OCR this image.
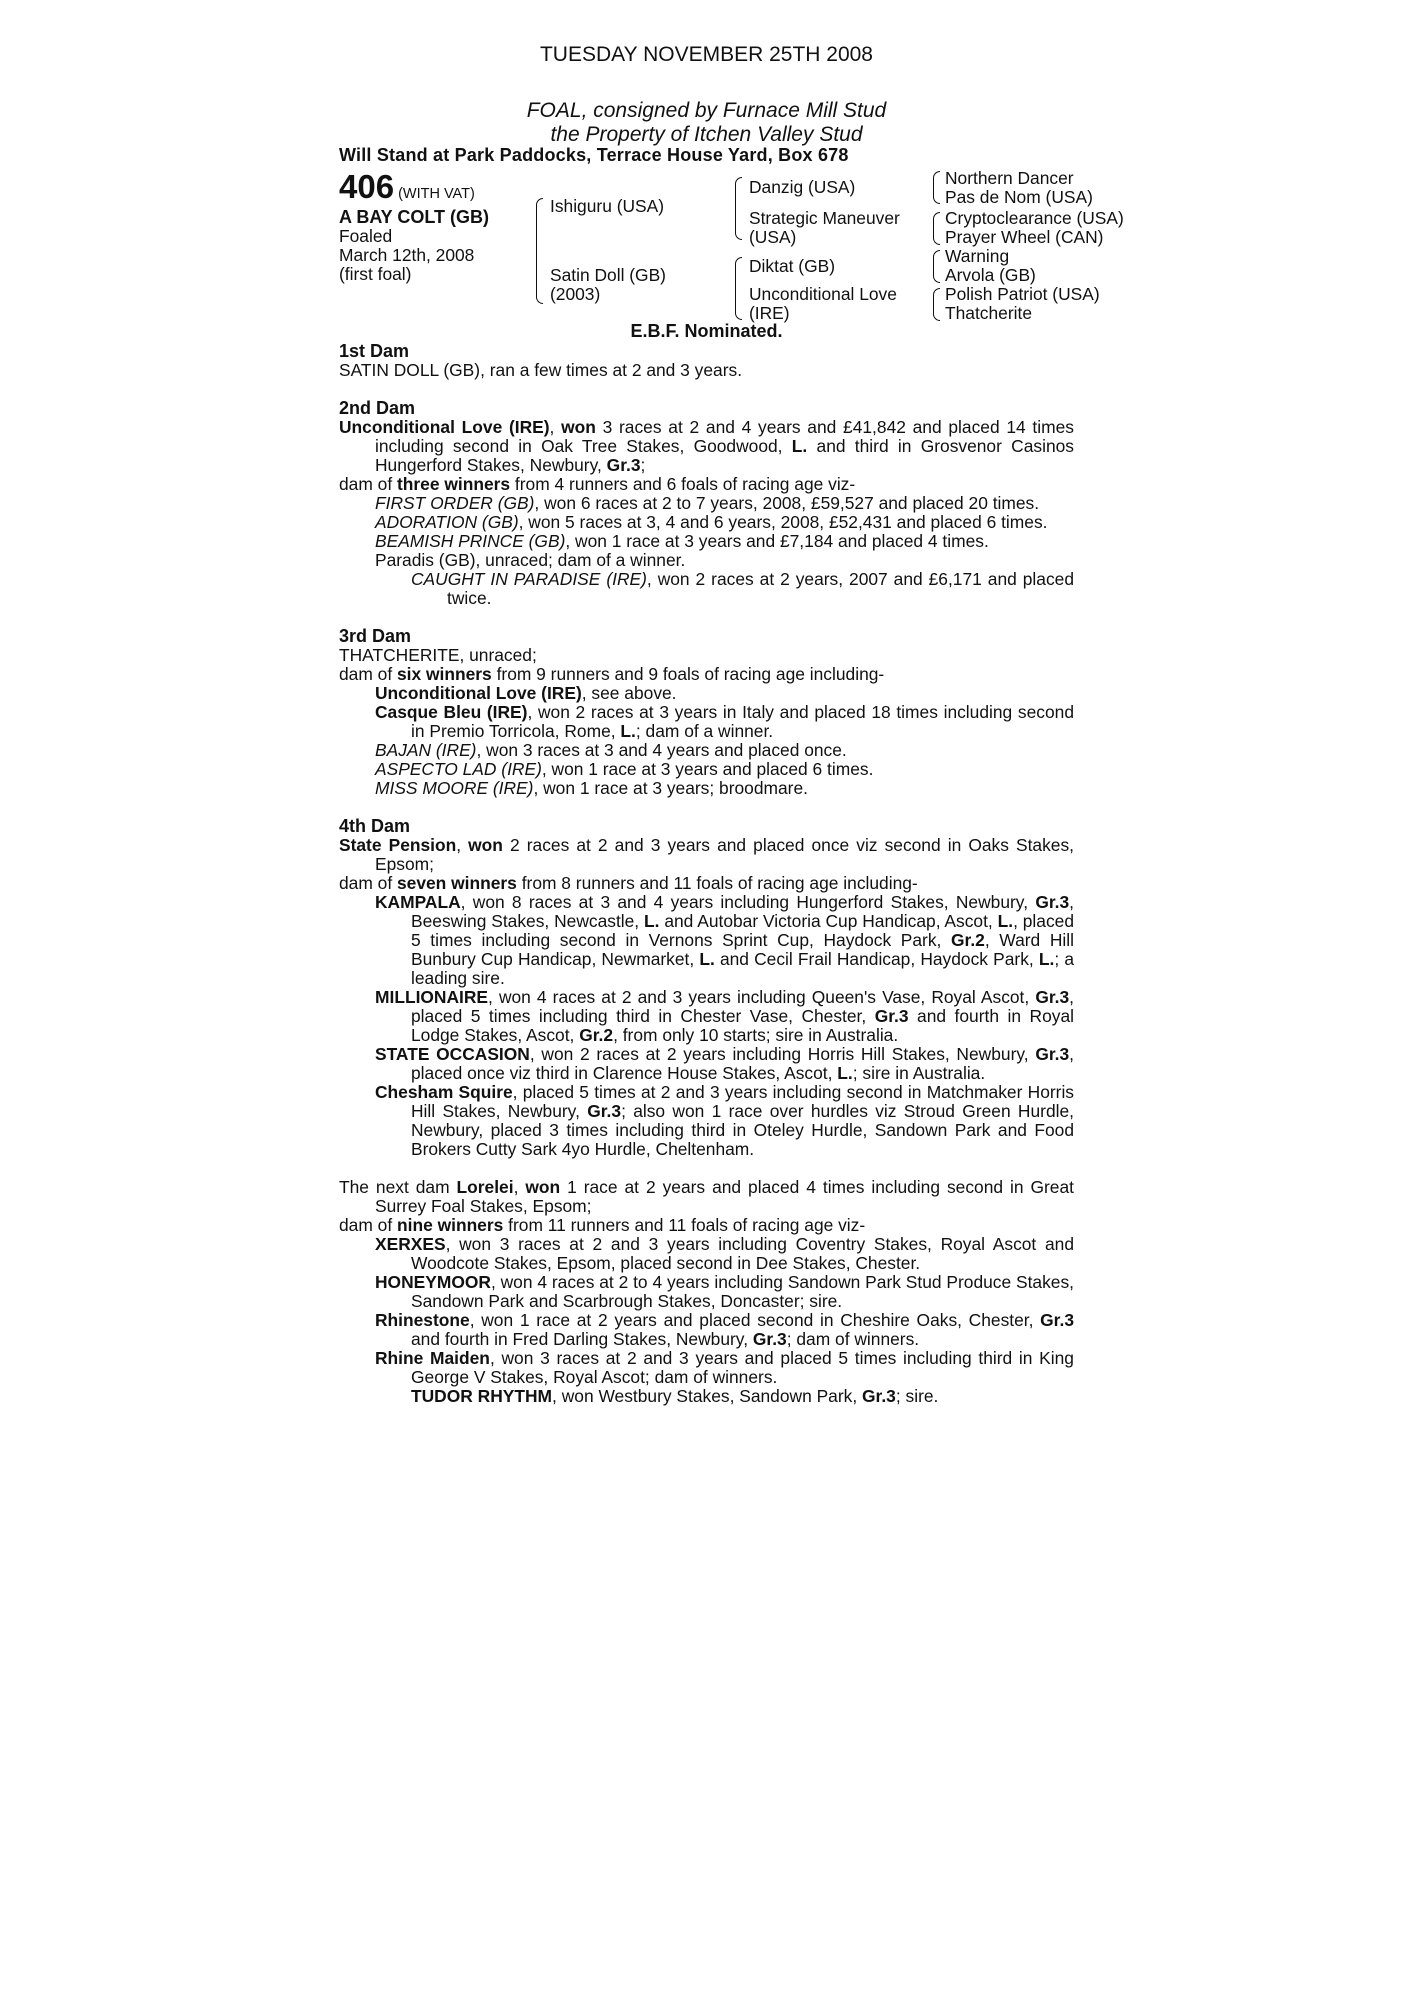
TUESDAY NOVEMBER 25TH 2008
FOAL, consigned by Furnace Mill Stud
the Property of Itchen Valley Stud
Will Stand at Park Paddocks, Terrace House Yard, Box 678
406 (WITH VAT)
A BAY COLT (GB)
Foaled
March 12th, 2008
(first foal)
Ishiguru (USA)
Satin Doll (GB)
(2003)
Danzig (USA)
Strategic Maneuver
(USA)
Diktat (GB)
Unconditional Love
(IRE)
Northern Dancer
Pas de Nom (USA)
Cryptoclearance (USA)
Prayer Wheel (CAN)
Warning
Arvola (GB)
Polish Patriot (USA)
Thatcherite
E.B.F. Nominated.
1st Dam
SATIN DOLL (GB), ran a few times at 2 and 3 years.
2nd Dam
Unconditional Love (IRE), won 3 races at 2 and 4 years and £41,842 and placed 14 times including second in Oak Tree Stakes, Goodwood, L. and third in Grosvenor Casinos Hungerford Stakes, Newbury, Gr.3;
dam of three winners from 4 runners and 6 foals of racing age viz-
FIRST ORDER (GB), won 6 races at 2 to 7 years, 2008, £59,527 and placed 20 times.
ADORATION (GB), won 5 races at 3, 4 and 6 years, 2008, £52,431 and placed 6 times.
BEAMISH PRINCE (GB), won 1 race at 3 years and £7,184 and placed 4 times.
Paradis (GB), unraced; dam of a winner.
CAUGHT IN PARADISE (IRE), won 2 races at 2 years, 2007 and £6,171 and placed twice.
3rd Dam
THATCHERITE, unraced;
dam of six winners from 9 runners and 9 foals of racing age including-
Unconditional Love (IRE), see above.
Casque Bleu (IRE), won 2 races at 3 years in Italy and placed 18 times including second in Premio Torricola, Rome, L.; dam of a winner.
BAJAN (IRE), won 3 races at 3 and 4 years and placed once.
ASPECTO LAD (IRE), won 1 race at 3 years and placed 6 times.
MISS MOORE (IRE), won 1 race at 3 years; broodmare.
4th Dam
State Pension, won 2 races at 2 and 3 years and placed once viz second in Oaks Stakes, Epsom;
dam of seven winners from 8 runners and 11 foals of racing age including-
KAMPALA, won 8 races at 3 and 4 years including Hungerford Stakes, Newbury, Gr.3, Beeswing Stakes, Newcastle, L. and Autobar Victoria Cup Handicap, Ascot, L., placed 5 times including second in Vernons Sprint Cup, Haydock Park, Gr.2, Ward Hill Bunbury Cup Handicap, Newmarket, L. and Cecil Frail Handicap, Haydock Park, L.; a leading sire.
MILLIONAIRE, won 4 races at 2 and 3 years including Queen's Vase, Royal Ascot, Gr.3, placed 5 times including third in Chester Vase, Chester, Gr.3 and fourth in Royal Lodge Stakes, Ascot, Gr.2, from only 10 starts; sire in Australia.
STATE OCCASION, won 2 races at 2 years including Horris Hill Stakes, Newbury, Gr.3, placed once viz third in Clarence House Stakes, Ascot, L.; sire in Australia.
Chesham Squire, placed 5 times at 2 and 3 years including second in Matchmaker Horris Hill Stakes, Newbury, Gr.3; also won 1 race over hurdles viz Stroud Green Hurdle, Newbury, placed 3 times including third in Oteley Hurdle, Sandown Park and Food Brokers Cutty Sark 4yo Hurdle, Cheltenham.
The next dam Lorelei, won 1 race at 2 years and placed 4 times including second in Great Surrey Foal Stakes, Epsom;
dam of nine winners from 11 runners and 11 foals of racing age viz-
XERXES, won 3 races at 2 and 3 years including Coventry Stakes, Royal Ascot and Woodcote Stakes, Epsom, placed second in Dee Stakes, Chester.
HONEYMOOR, won 4 races at 2 to 4 years including Sandown Park Stud Produce Stakes, Sandown Park and Scarbrough Stakes, Doncaster; sire.
Rhinestone, won 1 race at 2 years and placed second in Cheshire Oaks, Chester, Gr.3 and fourth in Fred Darling Stakes, Newbury, Gr.3; dam of winners.
Rhine Maiden, won 3 races at 2 and 3 years and placed 5 times including third in King George V Stakes, Royal Ascot; dam of winners.
TUDOR RHYTHM, won Westbury Stakes, Sandown Park, Gr.3; sire.
